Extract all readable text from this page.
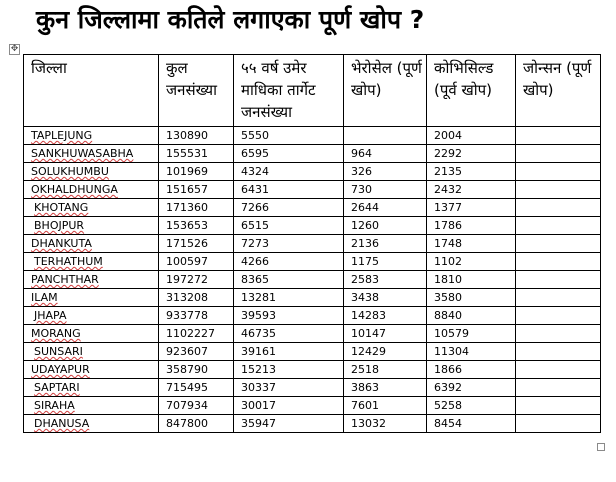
कुन जिल्लामा कतिले लगाएका पूर्ण खोप ?
✥
जिल्ला	कुल जनसंख्या	५५ वर्ष उमेर माधिका तार्गेट जनसंख्या	भेरोसेल (पूर्ण खोप)	कोभिसिल्ड (पूर्व खोप)	जोन्सन (पूर्ण खोप)
TAPLEJUNG	130890	5550		2004	
SANKHUWASABHA	155531	6595	964	2292	
SOLUKHUMBU	101969	4324	326	2135	
OKHALDHUNGA	151657	6431	730	2432	
KHOTANG	171360	7266	2644	1377	
BHOJPUR	153653	6515	1260	1786	
DHANKUTA	171526	7273	2136	1748	
TERHATHUM	100597	4266	1175	1102	
PANCHTHAR	197272	8365	2583	1810	
ILAM	313208	13281	3438	3580	
JHAPA	933778	39593	14283	8840	
MORANG	1102227	46735	10147	10579	
SUNSARI	923607	39161	12429	11304	
UDAYAPUR	358790	15213	2518	1866	
SAPTARI	715495	30337	3863	6392	
SIRAHA	707934	30017	7601	5258	
DHANUSA	847800	35947	13032	8454	
